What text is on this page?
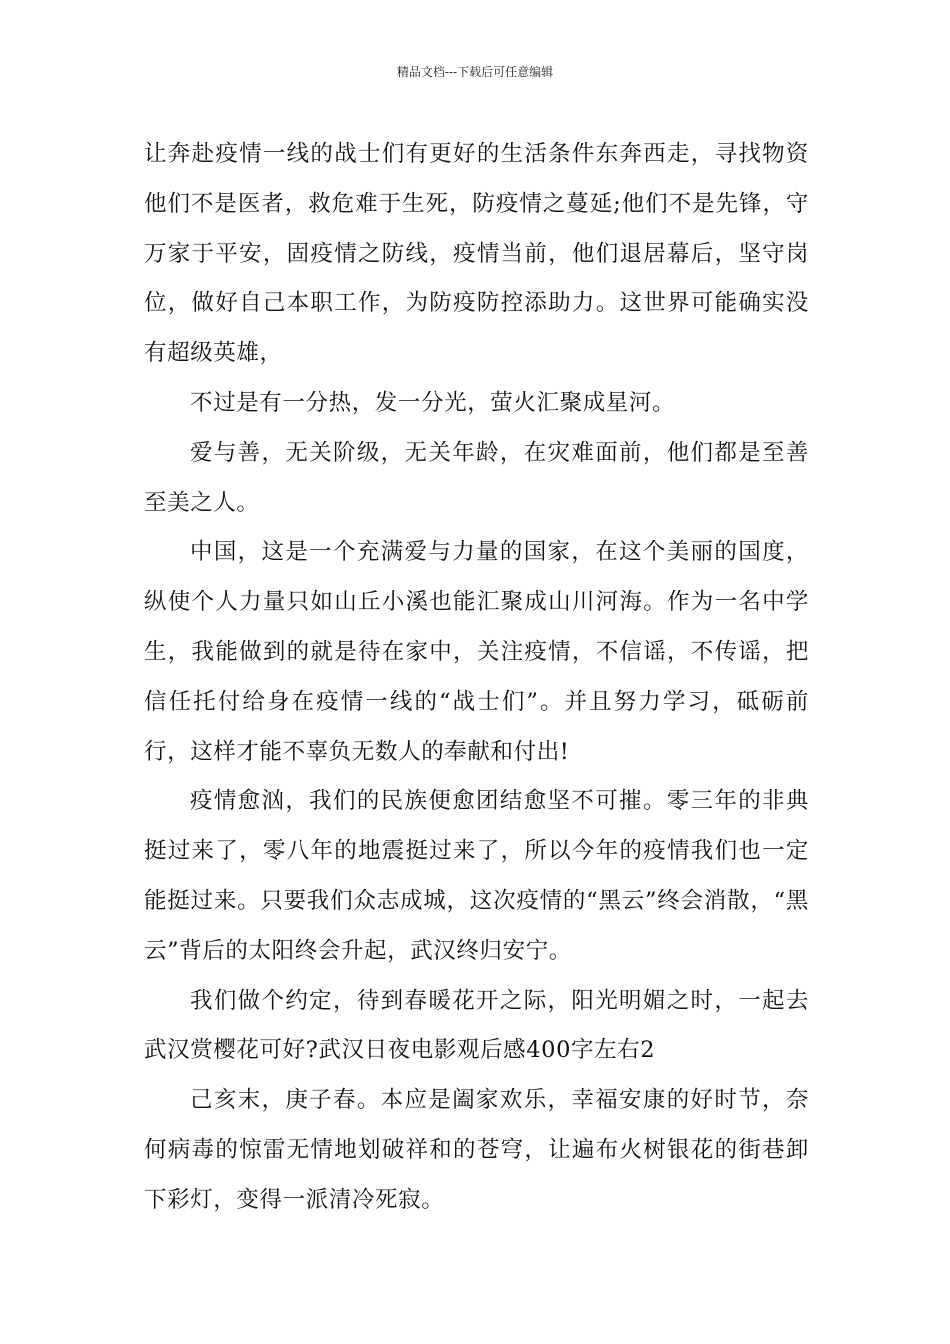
精品文档---下载后可任意编辑

让奔赴疫情一线的战士们有更好的生活条件东奔西走，寻找物资他们不是医者，救危难于生死，防疫情之蔓延;他们不是先锋，守万家于平安，固疫情之防线，疫情当前，他们退居幕后，坚守岗位，做好自己本职工作，为防疫防控添助力。这世界可能确实没有超级英雄，

不过是有一分热，发一分光，萤火汇聚成星河。

爱与善，无关阶级，无关年龄，在灾难面前，他们都是至善至美之人。

中国，这是一个充满爱与力量的国家，在这个美丽的国度，纵使个人力量只如山丘小溪也能汇聚成山川河海。作为一名中学生，我能做到的就是待在家中，关注疫情，不信谣，不传谣，把信任托付给身在疫情一线的“战士们”。并且努力学习，砥砺前行，这样才能不辜负无数人的奉献和付出!

疫情愈汹，我们的民族便愈团结愈坚不可摧。零三年的非典挺过来了，零八年的地震挺过来了，所以今年的疫情我们也一定能挺过来。只要我们众志成城，这次疫情的“黑云”终会消散，“黑云”背后的太阳终会升起，武汉终归安宁。

我们做个约定，待到春暖花开之际，阳光明媚之时，一起去武汉赏樱花可好?武汉日夜电影观后感400字左右2

己亥末，庚子春。本应是阖家欢乐，幸福安康的好时节，奈何病毒的惊雷无情地划破祥和的苍穹，让遍布火树银花的街巷卸下彩灯，变得一派清冷死寂。
